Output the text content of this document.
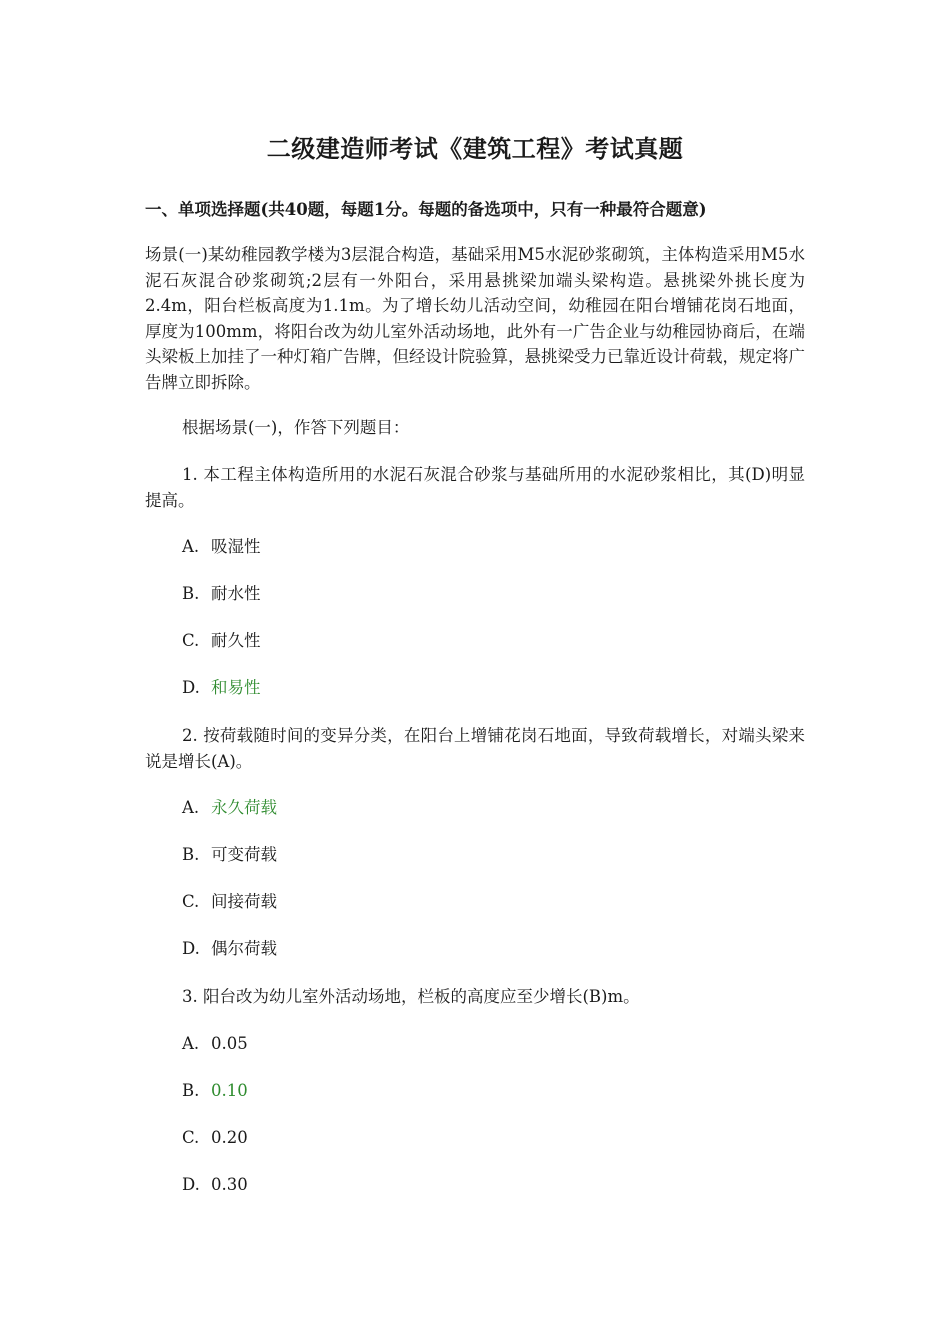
二级建造师考试《建筑工程》考试真题

一、单项选择题(共40题，每题1分。每题的备选项中，只有一种最符合题意)

场景(一)某幼稚园教学楼为3层混合构造，基础采用M5水泥砂浆砌筑，主体构造采用M5水泥石灰混合砂浆砌筑;2层有一外阳台，采用悬挑梁加端头梁构造。悬挑梁外挑长度为2.4m，阳台栏板高度为1.1m。为了增长幼儿活动空间，幼稚园在阳台增铺花岗石地面，厚度为100mm，将阳台改为幼儿室外活动场地，此外有一广告企业与幼稚园协商后，在端头梁板上加挂了一种灯箱广告牌，但经设计院验算，悬挑梁受力已靠近设计荷载，规定将广告牌立即拆除。

根据场景(一)，作答下列题目：

1. 本工程主体构造所用的水泥石灰混合砂浆与基础所用的水泥砂浆相比，其(D)明显提高。

A. 吸湿性

B. 耐水性

C. 耐久性

D. 和易性

2. 按荷载随时间的变异分类，在阳台上增铺花岗石地面，导致荷载增长，对端头梁来说是增长(A)。

A. 永久荷载

B. 可变荷载

C. 间接荷载

D. 偶尔荷载

3. 阳台改为幼儿室外活动场地，栏板的高度应至少增长(B)m。

A. 0.05

B. 0.10

C. 0.20

D. 0.30
